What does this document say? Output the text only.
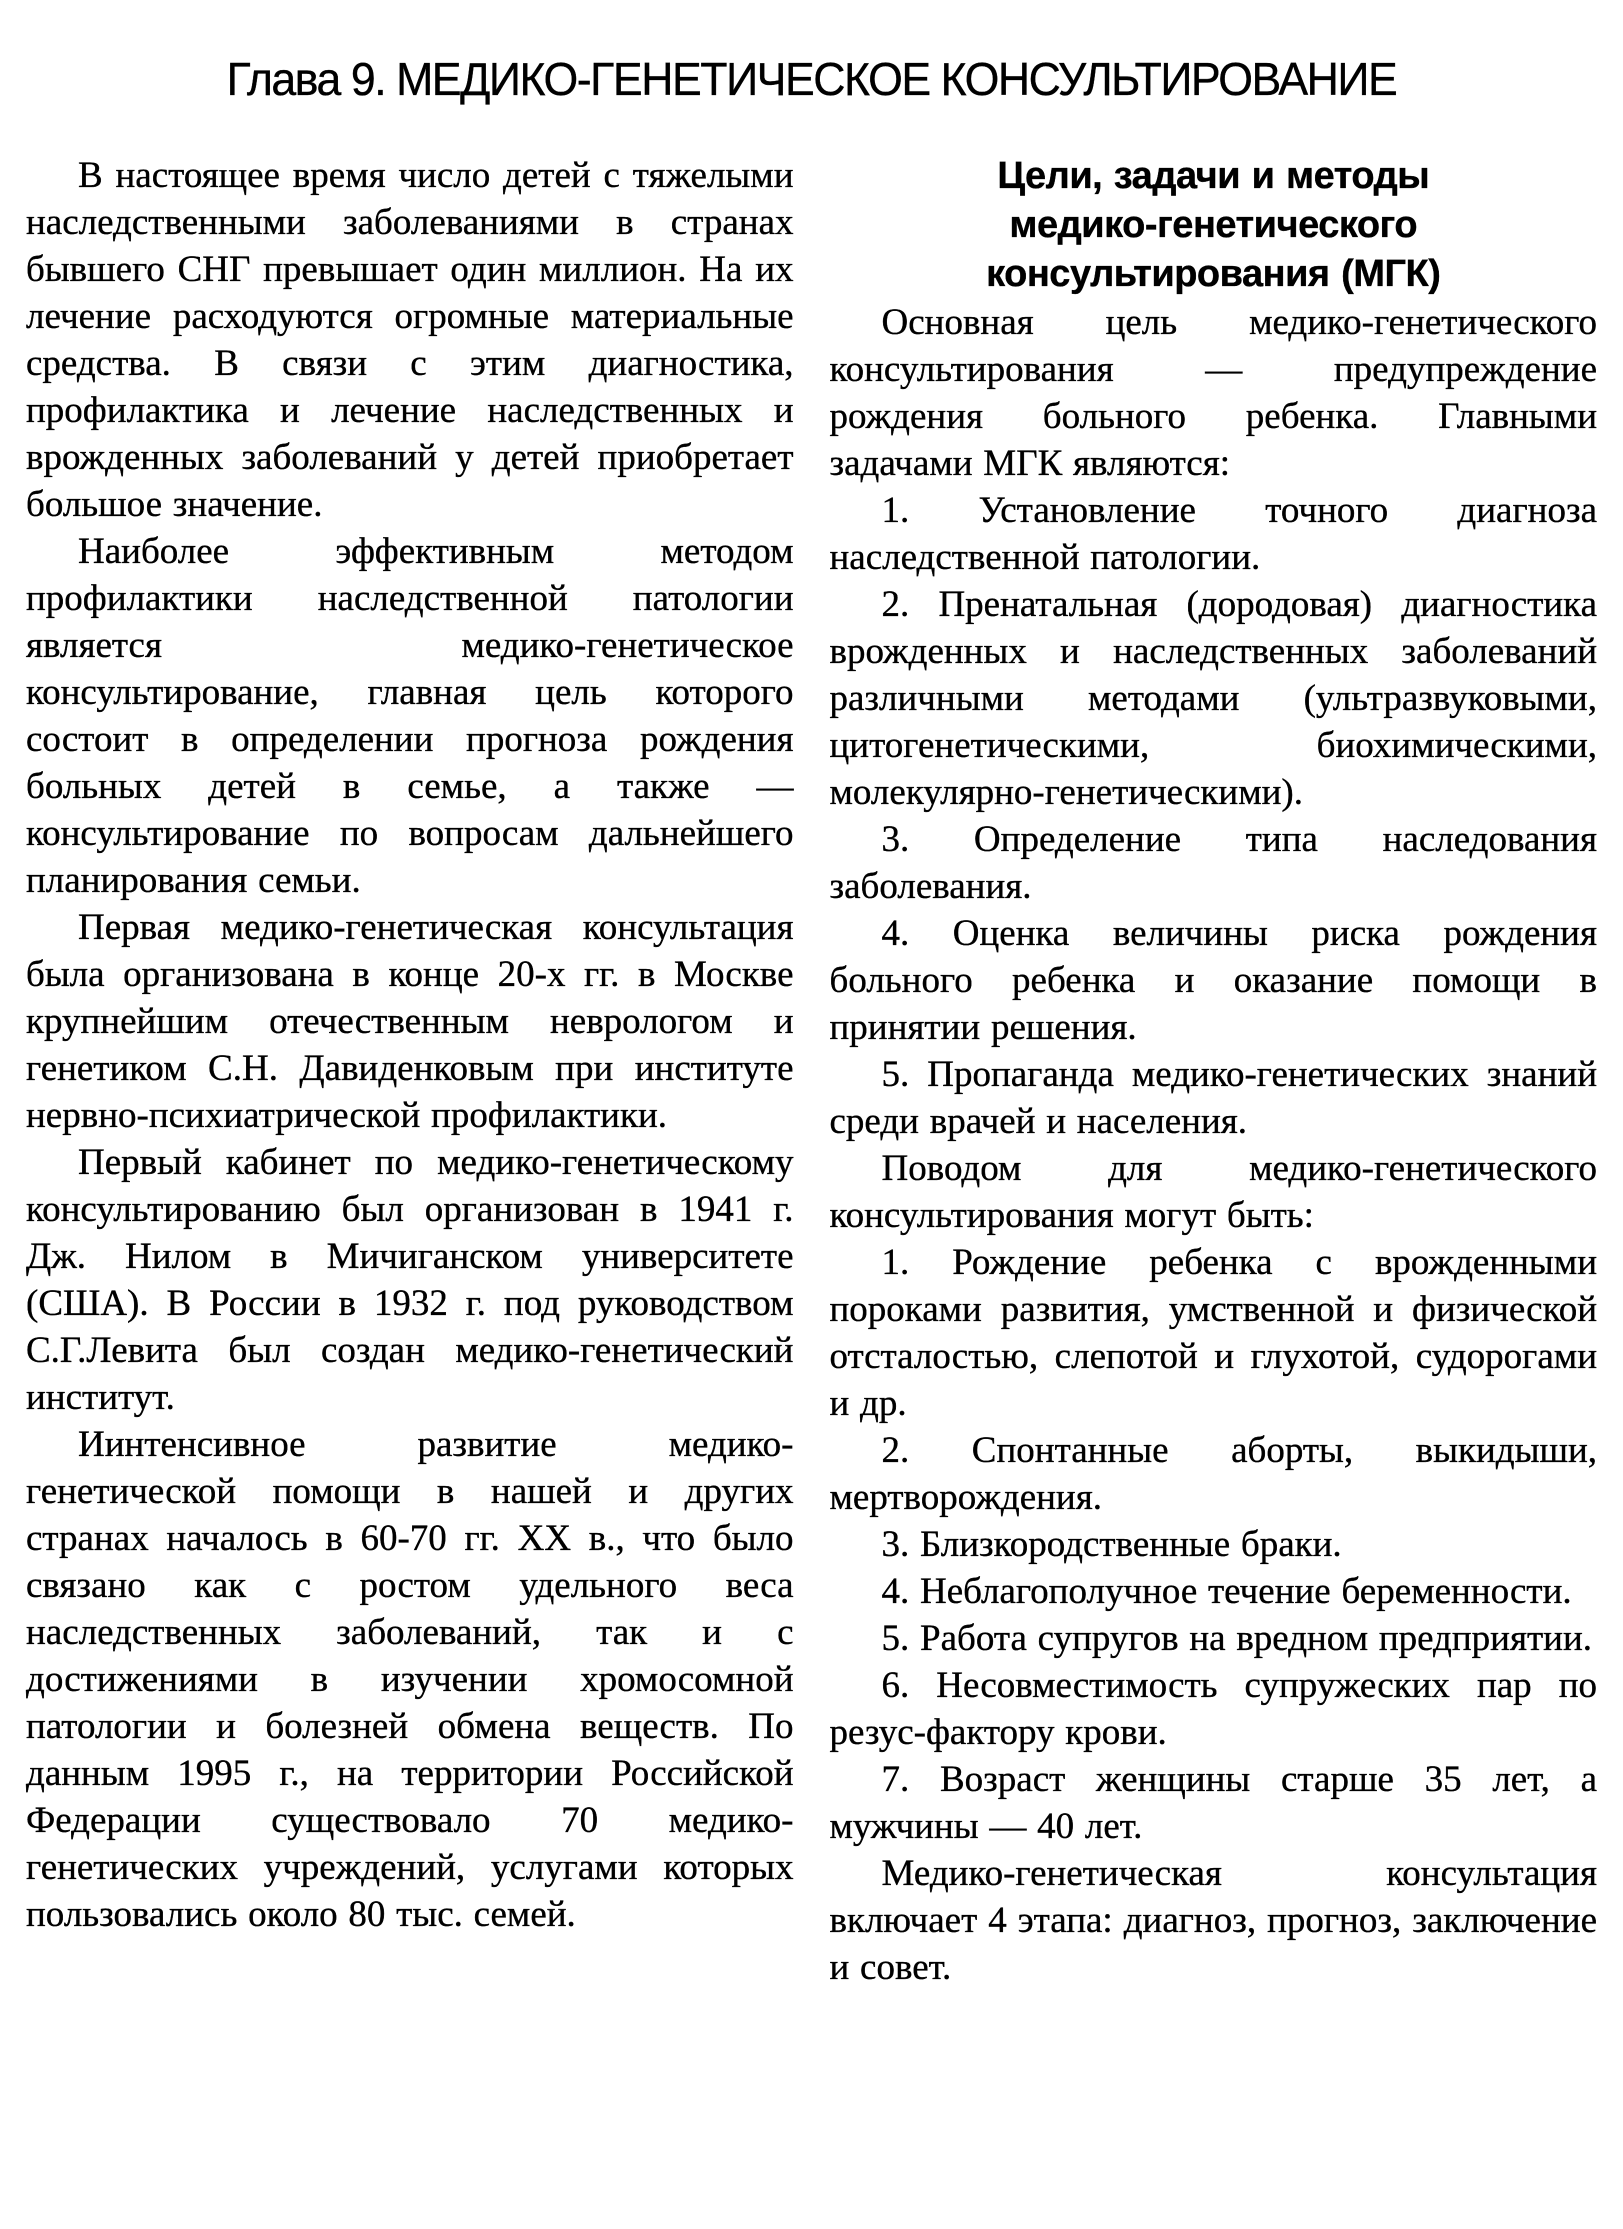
Глава 9. МЕДИКО-ГЕНЕТИЧЕСКОЕ КОНСУЛЬТИРОВАНИЕ

В настоящее время число детей с тяжелыми наследственными заболеваниями в странах бывшего СНГ превышает один миллион. На их лечение расходуются огромные материальные средства. В связи с этим диагностика, профилактика и лечение наследственных и врожденных заболеваний у детей приобретает большое значение.

Наиболее эффективным методом профилактики наследственной патологии является медико-генетическое консультирование, главная цель которого состоит в определении прогноза рождения больных детей в семье, а также — консультирование по вопросам дальнейшего планирования семьи.

Первая медико-генетическая консультация была организована в конце 20-х гг. в Москве крупнейшим отечественным неврологом и генетиком С.Н. Давиденковым при институте нервно-психиатрической профилактики.

Первый кабинет по медико-генетическому консультированию был организован в 1941 г. Дж. Нилом в Мичиганском университете (США). В России в 1932 г. под руководством С.Г.Левита был создан медико-генетический институт.

Иинтенсивное развитие медико-генетической помощи в нашей и других странах началось в 60-70 гг. XX в., что было связано как с ростом удельного веса наследственных заболеваний, так и с достижениями в изучении хромосомной патологии и болезней обмена веществ. По данным 1995 г., на территории Российской Федерации существовало 70 медико-генетических учреждений, услугами которых пользовались около 80 тыс. семей.

Цели, задачи и методы
медико-генетического
консультирования (МГК)

Основная цель медико-генетического консультирования — предупреждение рождения больного ребенка. Главными задачами МГК являются:

1. Установление точного диагноза наследственной патологии.

2. Пренатальная (дородовая) диагностика врожденных и наследственных заболеваний различными методами (ультразвуковыми, цитогенетическими, биохимическими, молекулярно-генетическими).

3. Определение типа наследования заболевания.

4. Оценка величины риска рождения больного ребенка и оказание помощи в принятии решения.

5. Пропаганда медико-генетических знаний среди врачей и населения.

Поводом для медико-генетического консультирования могут быть:

1. Рождение ребенка с врожденными пороками развития, умственной и физической отсталостью, слепотой и глухотой, судорогами и др.

2. Спонтанные аборты, выкидыши, мертворождения.

3. Близкородственные браки.

4. Неблагополучное течение беременности.

5. Работа супругов на вредном предприятии.

6. Несовместимость супружеских пар по резус-фактору крови.

7. Возраст женщины старше 35 лет, а мужчины — 40 лет.

Медико-генетическая консультация включает 4 этапа: диагноз, прогноз, заключение и совет.
